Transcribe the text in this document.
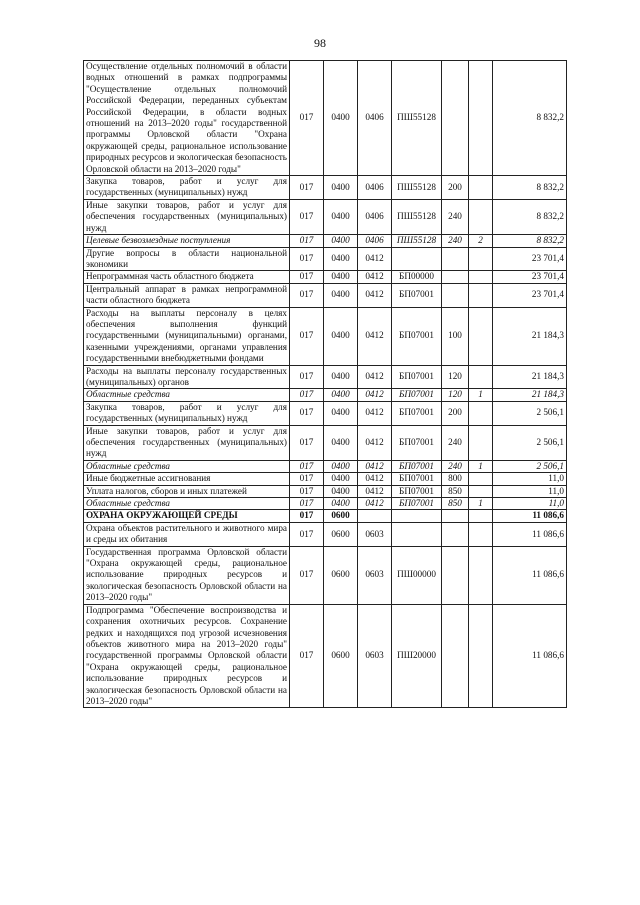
98
Осуществление отдельных полномочий в области водных отношений в рамках подпрограммы "Осуществление отдельных полномочий Российской Федерации, переданных субъектам Российской Федерации, в области водных отношений на 2013–2020 годы" государственной программы Орловской области "Охрана окружающей среды, рациональное использование природных ресурсов и экологическая безопасность Орловской области на 2013–2020 годы"	017	0400	0406	ПШ55128			8 832,2
Закупка товаров, работ и услуг для государственных (муниципальных) нужд	017	0400	0406	ПШ55128	200		8 832,2
Иные закупки товаров, работ и услуг для обеспечения государственных (муниципальных) нужд	017	0400	0406	ПШ55128	240		8 832,2
Целевые безвозмездные поступления	017	0400	0406	ПШ55128	240	2	8 832,2
Другие вопросы в области национальной экономики	017	0400	0412				23 701,4
Непрограммная часть областного бюджета	017	0400	0412	БП00000			23 701,4
Центральный аппарат в рамках непрограммной части областного бюджета	017	0400	0412	БП07001			23 701,4
Расходы на выплаты персоналу в целях обеспечения выполнения функций государственными (муниципальными) органами, казенными учреждениями, органами управления государственными внебюджетными фондами	017	0400	0412	БП07001	100		21 184,3
Расходы на выплаты персоналу государственных (муниципальных) органов	017	0400	0412	БП07001	120		21 184,3
Областные средства	017	0400	0412	БП07001	120	1	21 184,3
Закупка товаров, работ и услуг для государственных (муниципальных) нужд	017	0400	0412	БП07001	200		2 506,1
Иные закупки товаров, работ и услуг для обеспечения государственных (муниципальных) нужд	017	0400	0412	БП07001	240		2 506,1
Областные средства	017	0400	0412	БП07001	240	1	2 506,1
Иные бюджетные ассигнования	017	0400	0412	БП07001	800		11,0
Уплата налогов, сборов и иных платежей	017	0400	0412	БП07001	850		11,0
Областные средства	017	0400	0412	БП07001	850	1	11,0
ОХРАНА ОКРУЖАЮЩЕЙ СРЕДЫ	017	0600					11 086,6
Охрана объектов растительного и животного мира и среды их обитания	017	0600	0603				11 086,6
Государственная программа Орловской области "Охрана окружающей среды, рациональное использование природных ресурсов и экологическая безопасность Орловской области на 2013–2020 годы"	017	0600	0603	ПШ00000			11 086,6
Подпрограмма "Обеспечение воспроизводства и сохранения охотничьих ресурсов. Сохранение редких и находящихся под угрозой исчезновения объектов животного мира на 2013–2020 годы" государственной программы Орловской области "Охрана окружающей среды, рациональное использование природных ресурсов и экологическая безопасность Орловской области на 2013–2020 годы"	017	0600	0603	ПШ20000			11 086,6
